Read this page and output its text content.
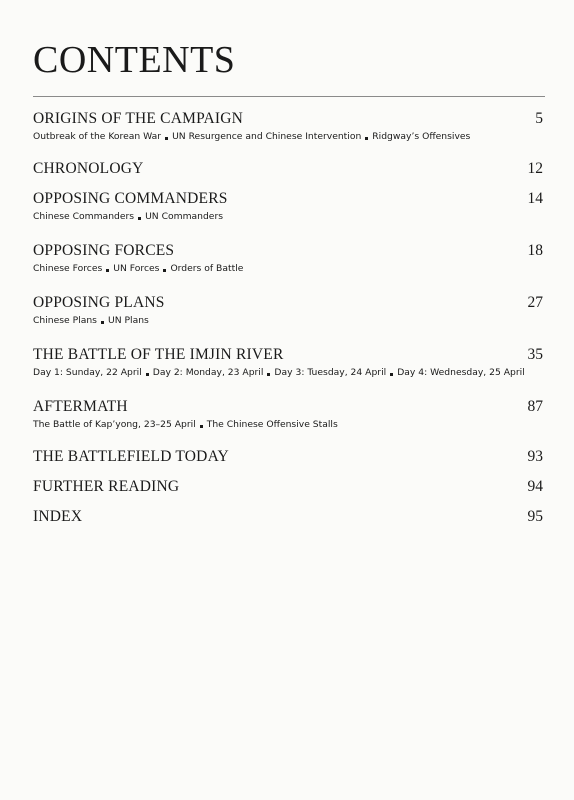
CONTENTS
ORIGINS OF THE CAMPAIGN	5
Outbreak of the Korean War UN Resurgence and Chinese Intervention Ridgway’s Offensives
CHRONOLOGY	12
OPPOSING COMMANDERS	14
Chinese Commanders UN Commanders
OPPOSING FORCES	18
Chinese Forces UN Forces Orders of Battle
OPPOSING PLANS	27
Chinese Plans UN Plans
THE BATTLE OF THE IMJIN RIVER	35
Day 1: Sunday, 22 April Day 2: Monday, 23 April Day 3: Tuesday, 24 April Day 4: Wednesday, 25 April
AFTERMATH	87
The Battle of Kap’yong, 23–25 April The Chinese Offensive Stalls
THE BATTLEFIELD TODAY	93
FURTHER READING	94
INDEX	95
